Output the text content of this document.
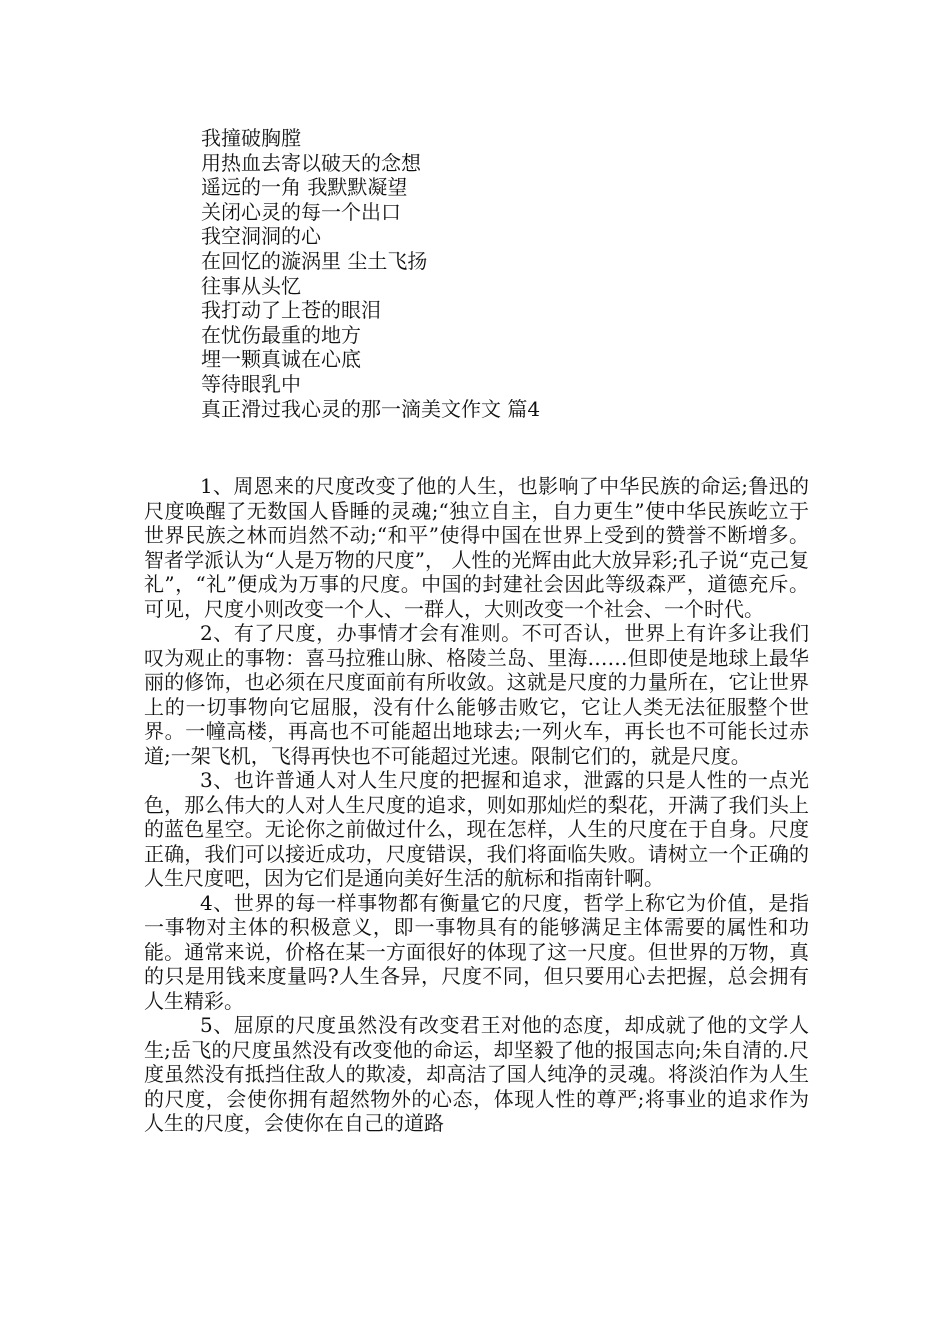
我撞破胸膛
用热血去寄以破天的念想
遥远的一角 我默默凝望
关闭心灵的每一个出口
我空洞洞的心
在回忆的漩涡里 尘土飞扬
往事从头忆
我打动了上苍的眼泪
在忧伤最重的地方
埋一颗真诚在心底
等待眼乳中
真正滑过我心灵的那一滴美文作文 篇4

1、周恩来的尺度改变了他的人生，也影响了中华民族的命运;鲁迅的尺度唤醒了无数国人昏睡的灵魂;“独立自主，自力更生”使中华民族屹立于世界民族之林而岿然不动;“和平”使得中国在世界上受到的赞誉不断增多。智者学派认为“人是万物的尺度”， 人性的光辉由此大放异彩;孔子说“克己复礼”，“礼”便成为万事的尺度。中国的封建社会因此等级森严，道德充斥。可见，尺度小则改变一个人、一群人，大则改变一个社会、一个时代。

2、有了尺度，办事情才会有准则。不可否认，世界上有许多让我们叹为观止的事物：喜马拉雅山脉、格陵兰岛、里海……但即使是地球上最华丽的修饰，也必须在尺度面前有所收敛。这就是尺度的力量所在，它让世界上的一切事物向它屈服，没有什么能够击败它，它让人类无法征服整个世界。一幢高楼，再高也不可能超出地球去;一列火车，再长也不可能长过赤道;一架飞机，飞得再快也不可能超过光速。限制它们的，就是尺度。

3、也许普通人对人生尺度的把握和追求，泄露的只是人性的一点光色，那么伟大的人对人生尺度的追求，则如那灿烂的梨花，开满了我们头上的蓝色星空。无论你之前做过什么，现在怎样，人生的尺度在于自身。尺度正确，我们可以接近成功，尺度错误，我们将面临失败。请树立一个正确的人生尺度吧，因为它们是通向美好生活的航标和指南针啊。

4、世界的每一样事物都有衡量它的尺度，哲学上称它为价值，是指一事物对主体的积极意义，即一事物具有的能够满足主体需要的属性和功能。通常来说，价格在某一方面很好的体现了这一尺度。但世界的万物，真的只是用钱来度量吗?人生各异，尺度不同，但只要用心去把握，总会拥有人生精彩。

5、屈原的尺度虽然没有改变君王对他的态度，却成就了他的文学人生;岳飞的尺度虽然没有改变他的命运，却坚毅了他的报国志向;朱自清的.尺度虽然没有抵挡住敌人的欺凌，却高洁了国人纯净的灵魂。将淡泊作为人生的尺度，会使你拥有超然物外的心态，体现人性的尊严;将事业的追求作为人生的尺度，会使你在自己的道路
